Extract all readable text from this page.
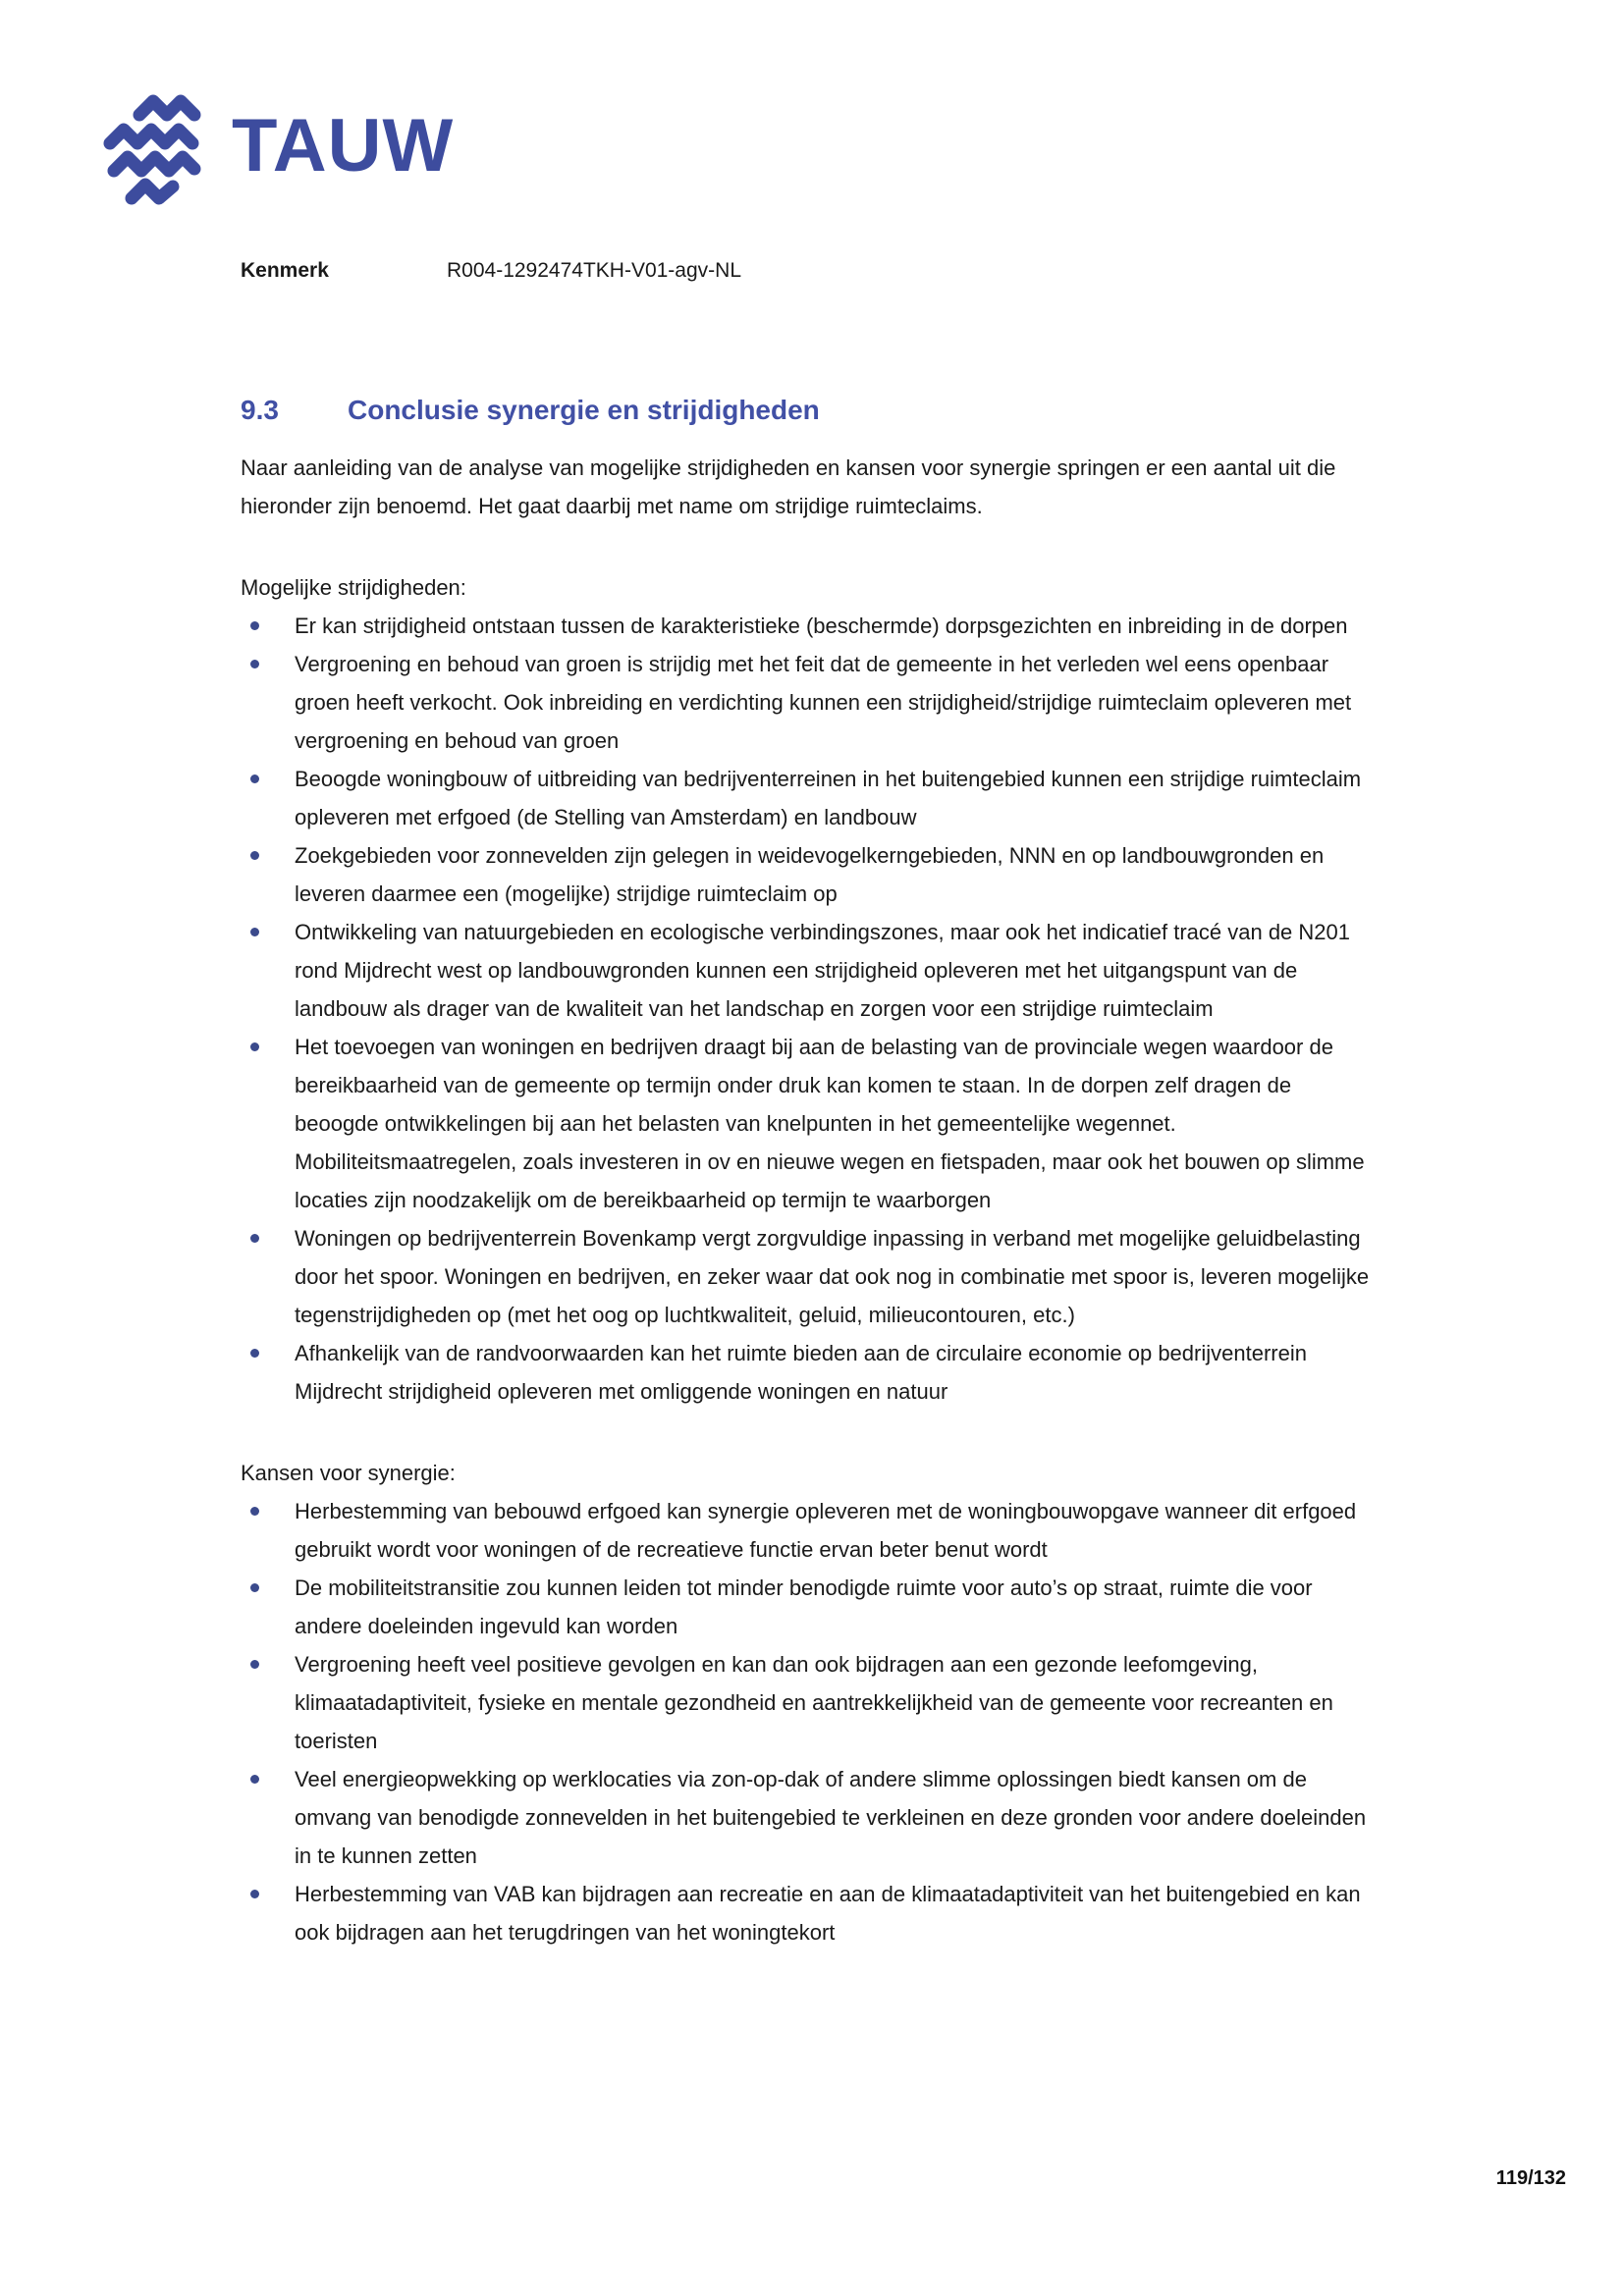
TAUW
Kenmerk	R004-1292474TKH-V01-agv-NL
9.3	Conclusie synergie en strijdigheden

Naar aanleiding van de analyse van mogelijke strijdigheden en kansen voor synergie springen er een aantal uit die hieronder zijn benoemd. Het gaat daarbij met name om strijdige ruimteclaims.

Mogelijke strijdigheden:

Er kan strijdigheid ontstaan tussen de karakteristieke (beschermde) dorpsgezichten en inbreiding in de dorpen
Vergroening en behoud van groen is strijdig met het feit dat de gemeente in het verleden wel eens openbaar groen heeft verkocht. Ook inbreiding en verdichting kunnen een strijdigheid/strijdige ruimteclaim opleveren met vergroening en behoud van groen
Beoogde woningbouw of uitbreiding van bedrijventerreinen in het buitengebied kunnen een strijdige ruimteclaim opleveren met erfgoed (de Stelling van Amsterdam) en landbouw
Zoekgebieden voor zonnevelden zijn gelegen in weidevogelkerngebieden, NNN en op landbouwgronden en leveren daarmee een (mogelijke) strijdige ruimteclaim op
Ontwikkeling van natuurgebieden en ecologische verbindingszones, maar ook het indicatief tracé van de N201 rond Mijdrecht west op landbouwgronden kunnen een strijdigheid opleveren met het uitgangspunt van de landbouw als drager van de kwaliteit van het landschap en zorgen voor een strijdige ruimteclaim
Het toevoegen van woningen en bedrijven draagt bij aan de belasting van de provinciale wegen waardoor de bereikbaarheid van de gemeente op termijn onder druk kan komen te staan. In de dorpen zelf dragen de beoogde ontwikkelingen bij aan het belasten van knelpunten in het gemeentelijke wegennet. Mobiliteitsmaatregelen, zoals investeren in ov en nieuwe wegen en fietspaden, maar ook het bouwen op slimme locaties zijn noodzakelijk om de bereikbaarheid op termijn te waarborgen
Woningen op bedrijventerrein Bovenkamp vergt zorgvuldige inpassing in verband met mogelijke geluidbelasting door het spoor. Woningen en bedrijven, en zeker waar dat ook nog in combinatie met spoor is, leveren mogelijke tegenstrijdigheden op (met het oog op luchtkwaliteit, geluid, milieucontouren, etc.)
Afhankelijk van de randvoorwaarden kan het ruimte bieden aan de circulaire economie op bedrijventerrein Mijdrecht strijdigheid opleveren met omliggende woningen en natuur

Kansen voor synergie:

Herbestemming van bebouwd erfgoed kan synergie opleveren met de woningbouwopgave wanneer dit erfgoed gebruikt wordt voor woningen of de recreatieve functie ervan beter benut wordt
De mobiliteitstransitie zou kunnen leiden tot minder benodigde ruimte voor auto’s op straat, ruimte die voor andere doeleinden ingevuld kan worden
Vergroening heeft veel positieve gevolgen en kan dan ook bijdragen aan een gezonde leefomgeving, klimaatadaptiviteit, fysieke en mentale gezondheid en aantrekkelijkheid van de gemeente voor recreanten en toeristen
Veel energieopwekking op werklocaties via zon-op-dak of andere slimme oplossingen biedt kansen om de omvang van benodigde zonnevelden in het buitengebied te verkleinen en deze gronden voor andere doeleinden in te kunnen zetten
Herbestemming van VAB kan bijdragen aan recreatie en aan de klimaatadaptiviteit van het buitengebied en kan ook bijdragen aan het terugdringen van het woningtekort
119/132
